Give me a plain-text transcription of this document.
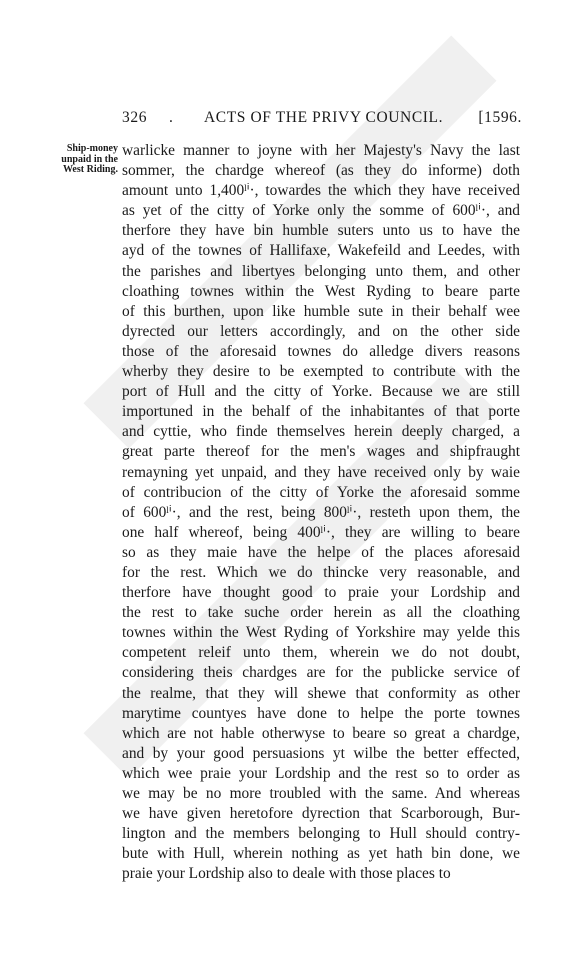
326 . ACTS OF THE PRIVY COUNCIL. [1596.
Ship-money
unpaid in the
West Riding.
warlicke manner to joyne with her Majesty's Navy the last
sommer, the chardge whereof (as they do informe) doth
amount unto 1,400ˡⁱ·, towardes the which they have received
as yet of the citty of Yorke only the somme of 600ˡⁱ·, and
therfore they have bin humble suters unto us to have the
ayd of the townes of Hallifaxe, Wakefeild and Leedes, with
the parishes and libertyes belonging unto them, and other
cloathing townes within the West Ryding to beare parte
of this burthen, upon like humble sute in their behalf wee
dyrected our letters accordingly, and on the other side
those of the aforesaid townes do alledge divers reasons
wherby they desire to be exempted to contribute with the
port of Hull and the citty of Yorke. Because we are still
importuned in the behalf of the inhabitantes of that porte
and cyttie, who finde themselves herein deeply charged, a
great parte thereof for the men's wages and shipfraught
remayning yet unpaid, and they have received only by waie
of contribucion of the citty of Yorke the aforesaid somme
of 600ˡⁱ·, and the rest, being 800ˡⁱ·, resteth upon them, the
one half whereof, being 400ˡⁱ·, they are willing to beare
so as they maie have the helpe of the places aforesaid
for the rest. Which we do thincke very reasonable, and
therfore have thought good to praie your Lordship and
the rest to take suche order herein as all the cloathing
townes within the West Ryding of Yorkshire may yelde this
competent releif unto them, wherein we do not doubt,
considering theis chardges are for the publicke service of
the realme, that they will shewe that conformity as other
marytime countyes have done to helpe the porte townes
which are not hable otherwyse to beare so great a chardge,
and by your good persuasions yt wilbe the better effected,
which wee praie your Lordship and the rest so to order as
we may be no more troubled with the same. And whereas
we have given heretofore dyrection that Scarborough, Bur-
lington and the members belonging to Hull should contry-
bute with Hull, wherein nothing as yet hath bin done, we
praie your Lordship also to deale with those places to
